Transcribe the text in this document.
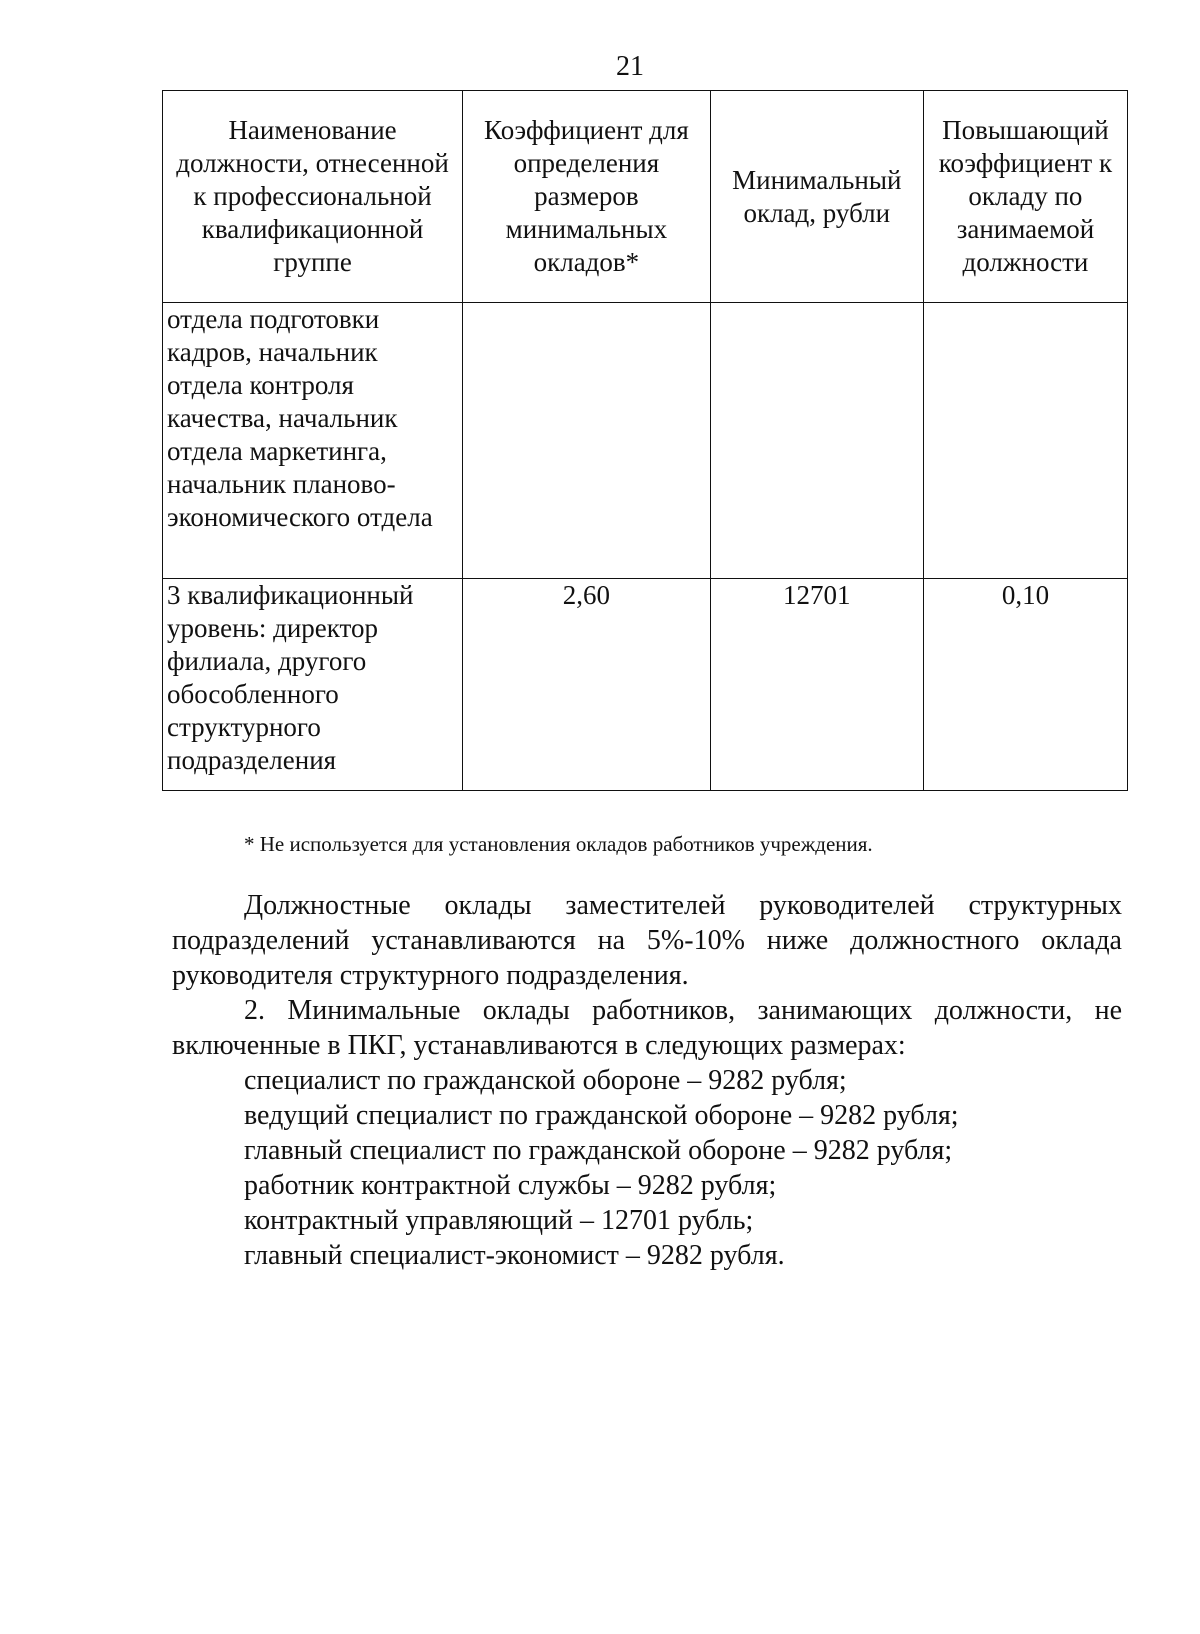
21
Наименование должности, отнесенной к профессиональной квалификационной группе	Коэффициент для определения размеров минимальных окладов*	Минимальный оклад, рубли	Повышающий коэффициент к окладу по занимаемой должности
отдела подготовки кадров, начальник отдела контроля качества, начальник отдела маркетинга, начальник планово-экономического отдела			
3 квалификационный уровень: директор филиала, другого обособленного структурного подразделения	2,60	12701	0,10
* Не используется для установления окладов работников учреждения.

Должностные оклады заместителей руководителей структурных подразделений устанавливаются на 5%-10% ниже должностного оклада руководителя структурного подразделения.

2. Минимальные оклады работников, занимающих должности, не включенные в ПКГ, устанавливаются в следующих размерах:

специалист по гражданской обороне – 9282 рубля;

ведущий специалист по гражданской обороне – 9282 рубля;

главный специалист по гражданской обороне – 9282 рубля;

работник контрактной службы – 9282 рубля;

контрактный управляющий – 12701 рубль;

главный специалист-экономист – 9282 рубля.
